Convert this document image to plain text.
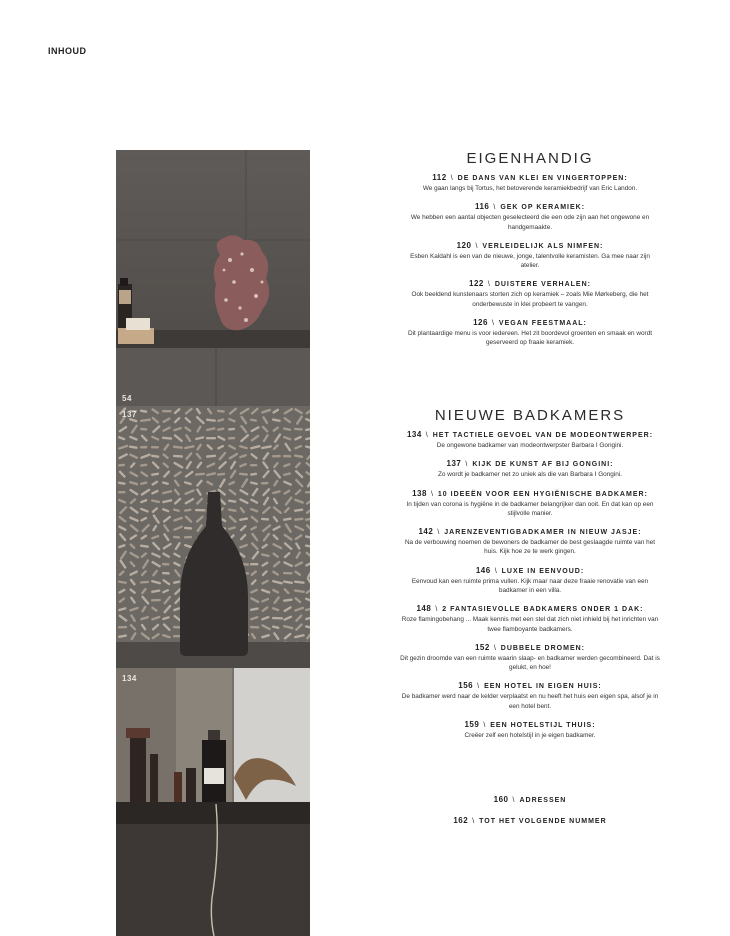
INHOUD
54
137
134
EIGENHANDIG
112 \ DE DANS VAN KLEI EN VINGERTOPPEN:
We gaan langs bij Tortus, het betoverende keramiekbedrijf van Eric Landon.
116 \ GEK OP KERAMIEK:
We hebben een aantal objecten geselecteerd die een ode zijn aan het ongewone en handgemaakte.
120 \ VERLEIDELIJK ALS NIMFEN:
Esben Kaldahl is een van de nieuwe, jonge, talentvolle keramisten. Ga mee naar zijn atelier.
122 \ DUISTERE VERHALEN:
Ook beeldend kunstenaars storten zich op keramiek – zoals Mie Mørkeberg, die het onderbewuste in klei probeert te vangen.
126 \ VEGAN FEESTMAAL:
Dit plantaardige menu is voor iedereen. Het zit boordevol groenten en smaak en wordt geserveerd op fraaie keramiek.
NIEUWE BADKAMERS
134 \ HET TACTIELE GEVOEL VAN DE MODEONTWERPER:
De ongewone badkamer van modeontwerpster Barbara I Gongini.
137 \ KIJK DE KUNST AF BIJ GONGINI:
Zo wordt je badkamer net zo uniek als die van Barbara I Gongini.
138 \ 10 IDEEËN VOOR EEN HYGIËNISCHE BADKAMER:
In tijden van corona is hygiëne in de badkamer belangrijker dan ooit. En dat kan op een stijlvolle manier.
142 \ JARENZEVENTIGBADKAMER IN NIEUW JASJE:
Na de verbouwing noemen de bewoners de badkamer de best geslaagde ruimte van het huis. Kijk hoe ze te werk gingen.
146 \ LUXE IN EENVOUD:
Eenvoud kan een ruimte prima vullen. Kijk maar naar deze fraaie renovatie van een badkamer in een villa.
148 \ 2 FANTASIEVOLLE BADKAMERS ONDER 1 DAK:
Roze flamingobehang ... Maak kennis met een stel dat zich niet inhield bij het inrichten van twee flamboyante badkamers.
152 \ DUBBELE DROMEN:
Dit gezin droomde van een ruimte waarin slaap- en badkamer werden gecombineerd. Dat is gelukt, en hoe!
156 \ EEN HOTEL IN EIGEN HUIS:
De badkamer werd naar de kelder verplaatst en nu heeft het huis een eigen spa, alsof je in een hotel bent.
159 \ EEN HOTELSTIJL THUIS:
Creëer zelf een hotelstijl in je eigen badkamer.
160 \ ADRESSEN
162 \ TOT HET VOLGENDE NUMMER
